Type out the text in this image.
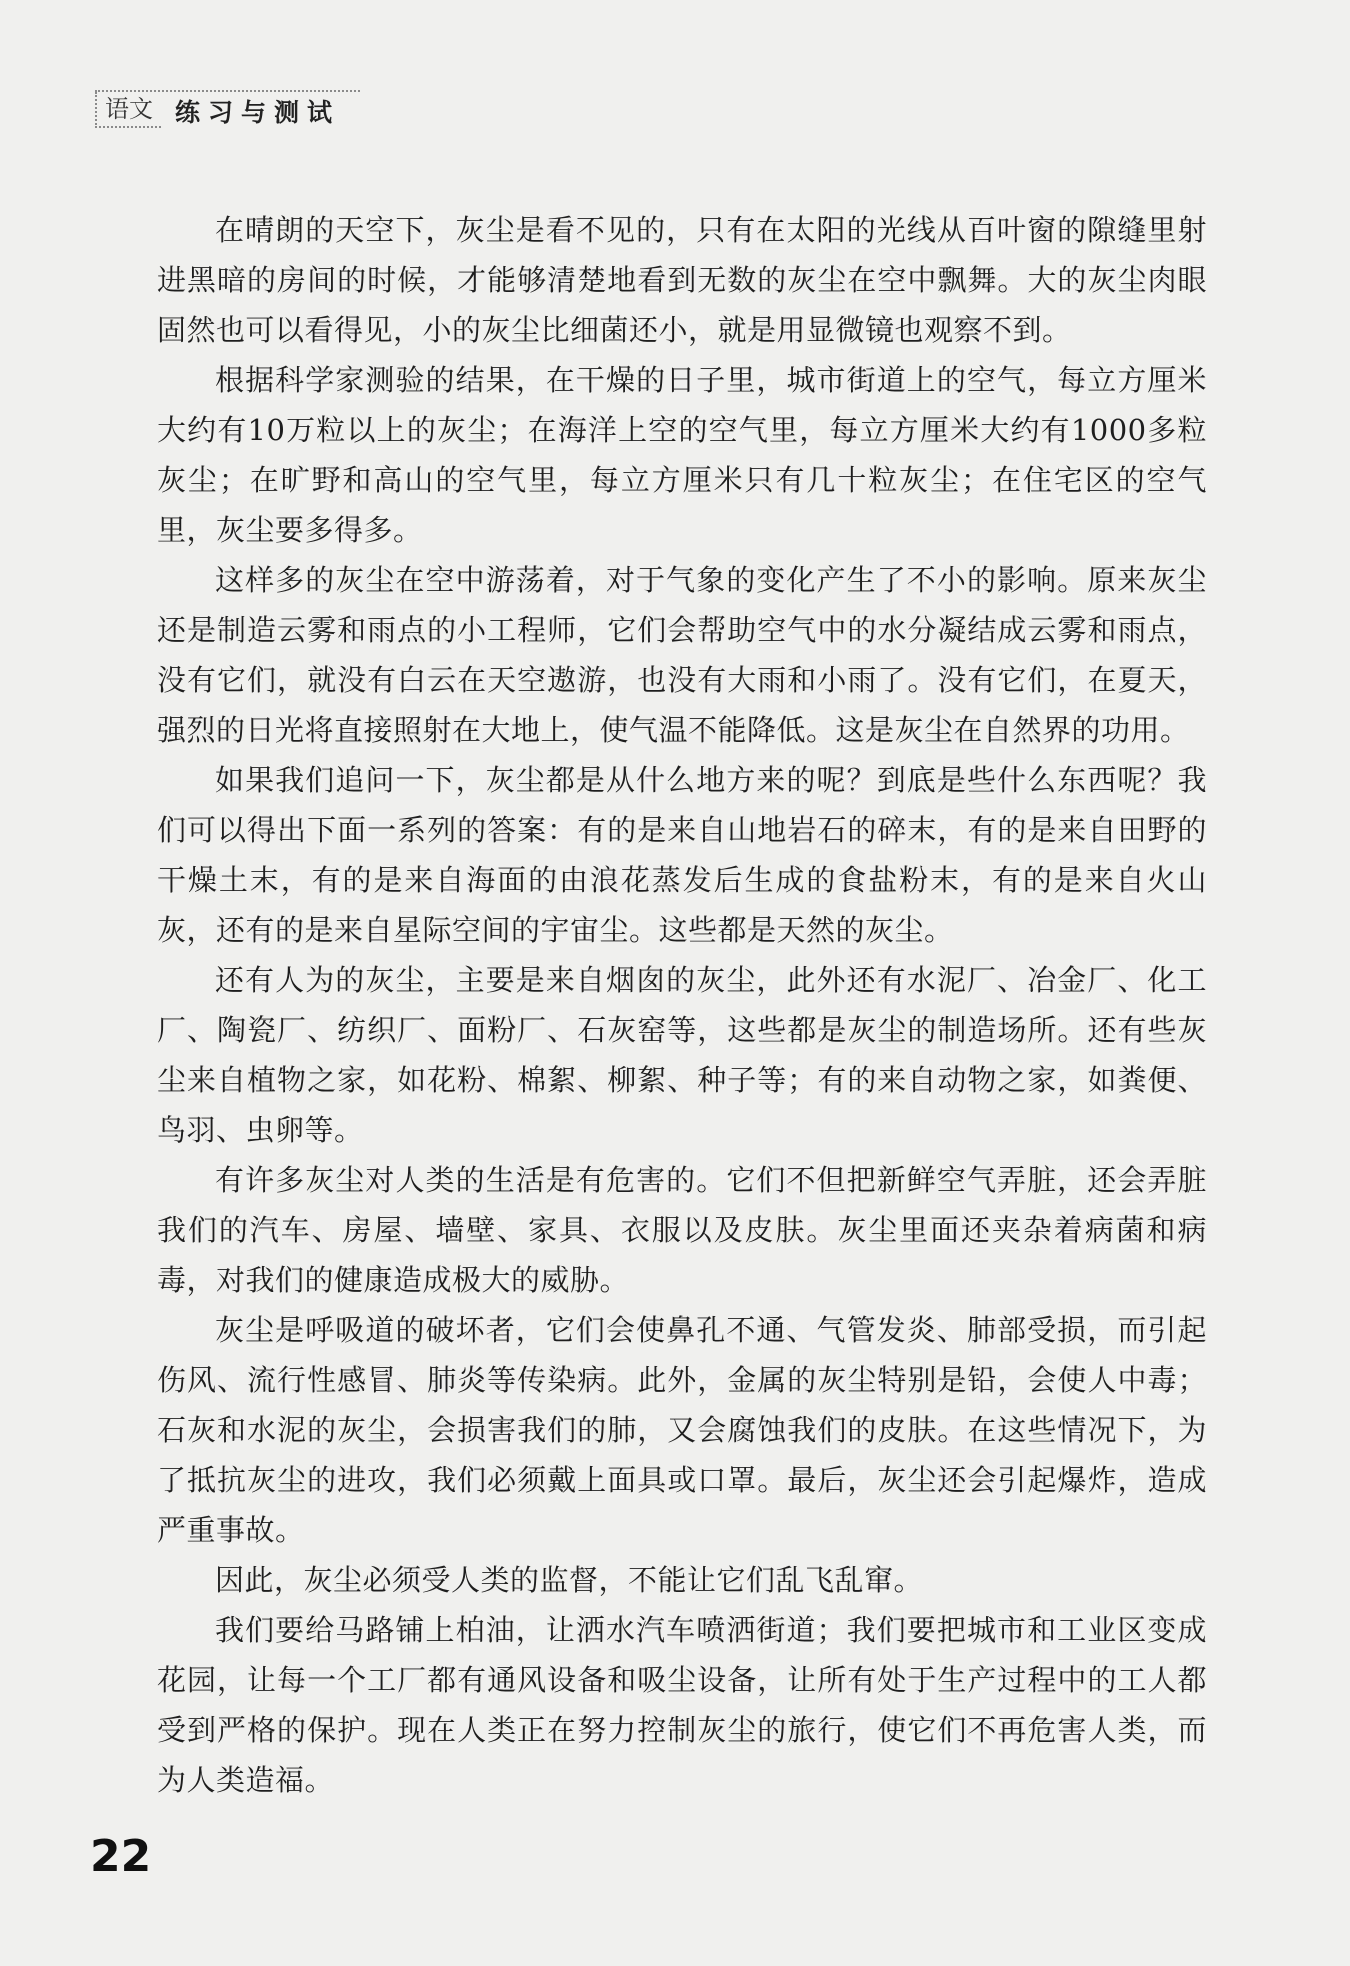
语文 练习与测试

在晴朗的天空下，灰尘是看不见的，只有在太阳的光线从百叶窗的隙缝里射进黑暗的房间的时候，才能够清楚地看到无数的灰尘在空中飘舞。大的灰尘肉眼固然也可以看得见，小的灰尘比细菌还小，就是用显微镜也观察不到。

根据科学家测验的结果，在干燥的日子里，城市街道上的空气，每立方厘米大约有10万粒以上的灰尘；在海洋上空的空气里，每立方厘米大约有1000多粒灰尘；在旷野和高山的空气里，每立方厘米只有几十粒灰尘；在住宅区的空气里，灰尘要多得多。

这样多的灰尘在空中游荡着，对于气象的变化产生了不小的影响。原来灰尘还是制造云雾和雨点的小工程师，它们会帮助空气中的水分凝结成云雾和雨点，没有它们，就没有白云在天空遨游，也没有大雨和小雨了。没有它们，在夏天，强烈的日光将直接照射在大地上，使气温不能降低。这是灰尘在自然界的功用。

如果我们追问一下，灰尘都是从什么地方来的呢？到底是些什么东西呢？我们可以得出下面一系列的答案：有的是来自山地岩石的碎末，有的是来自田野的干燥土末，有的是来自海面的由浪花蒸发后生成的食盐粉末，有的是来自火山灰，还有的是来自星际空间的宇宙尘。这些都是天然的灰尘。

还有人为的灰尘，主要是来自烟囱的灰尘，此外还有水泥厂、冶金厂、化工厂、陶瓷厂、纺织厂、面粉厂、石灰窑等，这些都是灰尘的制造场所。还有些灰尘来自植物之家，如花粉、棉絮、柳絮、种子等；有的来自动物之家，如粪便、鸟羽、虫卵等。

有许多灰尘对人类的生活是有危害的。它们不但把新鲜空气弄脏，还会弄脏我们的汽车、房屋、墙壁、家具、衣服以及皮肤。灰尘里面还夹杂着病菌和病毒，对我们的健康造成极大的威胁。

灰尘是呼吸道的破坏者，它们会使鼻孔不通、气管发炎、肺部受损，而引起伤风、流行性感冒、肺炎等传染病。此外，金属的灰尘特别是铅，会使人中毒；石灰和水泥的灰尘，会损害我们的肺，又会腐蚀我们的皮肤。在这些情况下，为了抵抗灰尘的进攻，我们必须戴上面具或口罩。最后，灰尘还会引起爆炸，造成严重事故。

因此，灰尘必须受人类的监督，不能让它们乱飞乱窜。

我们要给马路铺上柏油，让洒水汽车喷洒街道；我们要把城市和工业区变成花园，让每一个工厂都有通风设备和吸尘设备，让所有处于生产过程中的工人都受到严格的保护。现在人类正在努力控制灰尘的旅行，使它们不再危害人类，而为人类造福。

22
